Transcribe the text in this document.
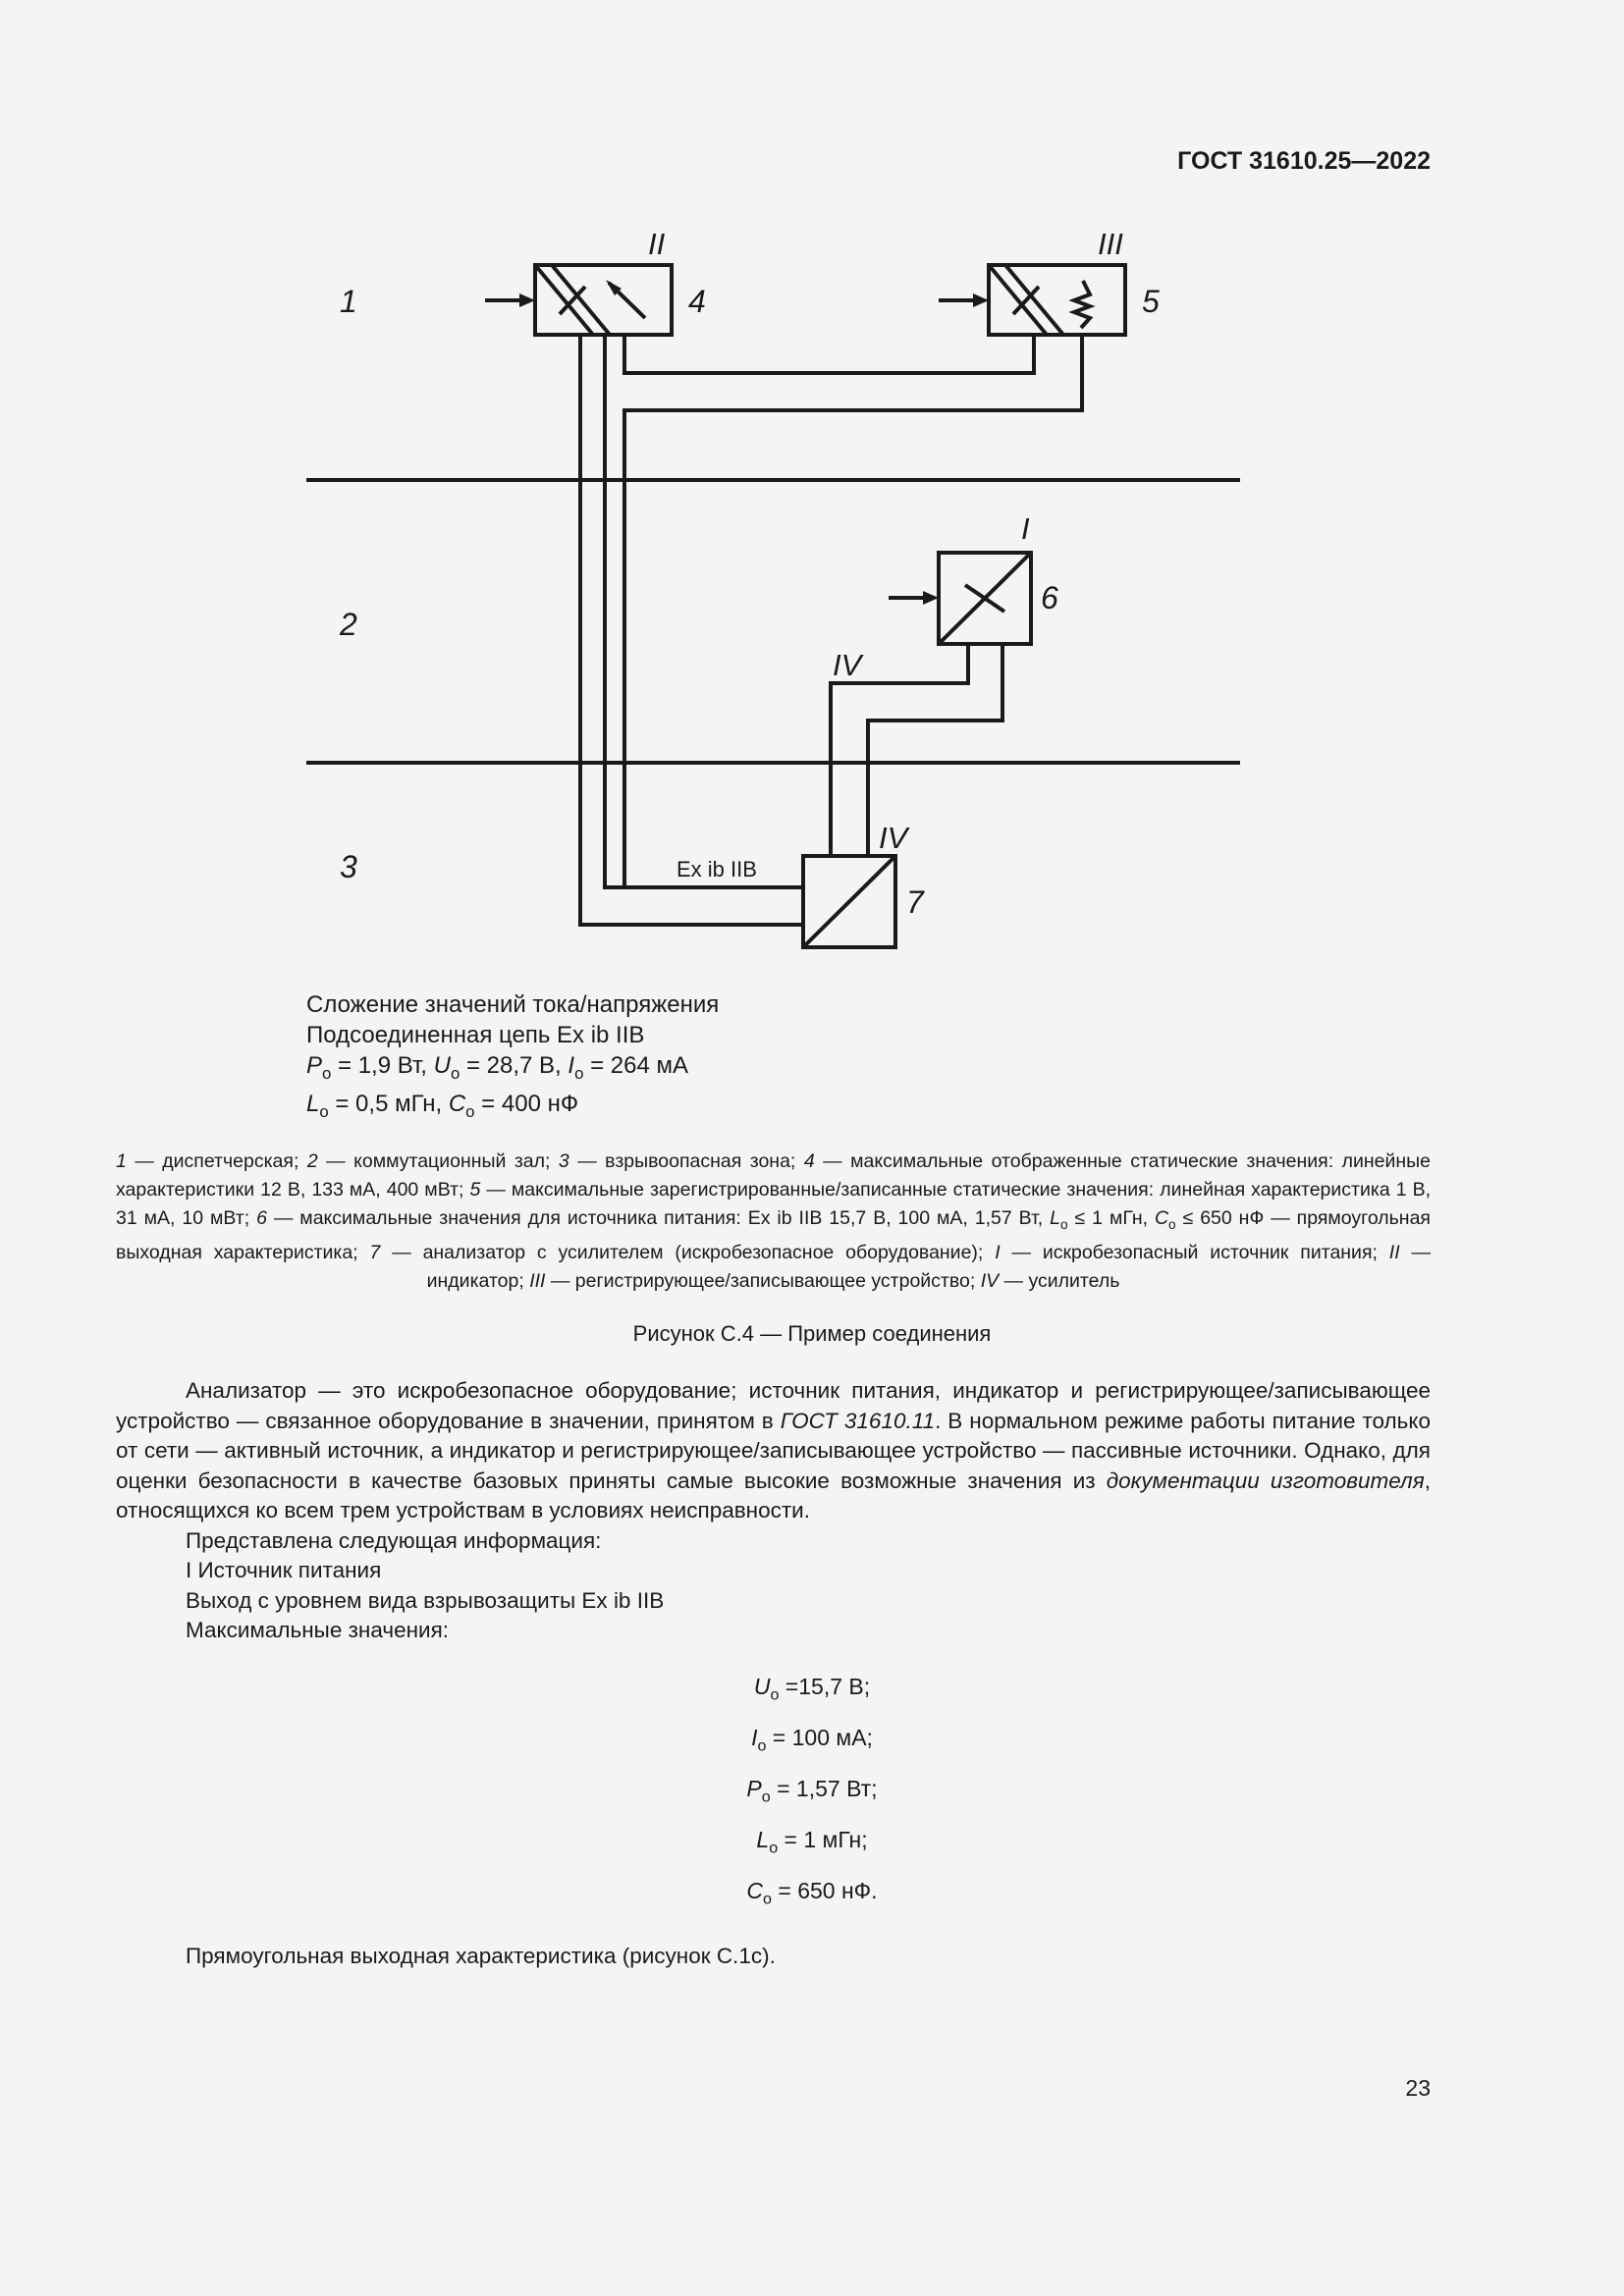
ГОСТ 31610.25—2022
1
2
3
II	III
I
IV
IV
4	5
6
7
Ex ib IIB
Сложение значений тока/напряжения
Подсоединенная цепь Ex ib IIB
$P_o = 1,9$ Вт, $U_o = 28,7$ В, $I_o = 264$ мА
$L_o = 0,5$ мГн, $C_o = 400$ нФ
1 — диспетчерская; 2 — коммутационный зал; 3 — взрывоопасная зона; 4 — максимальные отображенные статические значения: линейные характеристики 12 В, 133 мА, 400 мВт; 5 — максимальные зарегистрированные/записанные статические значения: линейная характеристика 1 В, 31 мА, 10 мВт; 6 — максимальные значения для источника питания: Ex ib IIB 15,7 В, 100 мА, 1,57 Вт, $L_o \le 1$ мГн, $C_o \le 650$ нФ — прямоугольная выходная характеристика; 7 — анализатор с усилителем (искробезопасное оборудование); I — искробезопасный источник питания; II — индикатор; III — регистрирующее/записывающее устройство; IV — усилитель
Рисунок С.4 — Пример соединения

Анализатор — это искробезопасное оборудование; источник питания, индикатор и регистрирующее/записывающее устройство — связанное оборудование в значении, принятом в ГОСТ 31610.11. В нормальном режиме работы питание только от сети — активный источник, а индикатор и регистрирующее/записывающее устройство — пассивные источники. Однако, для оценки безопасности в качестве базовых приняты самые высокие возможные значения из документации изготовителя, относящихся ко всем трем устройствам в условиях неисправности.

Представлена следующая информация:

I Источник питания

Выход с уровнем вида взрывозащиты Ex ib IIB

Максимальные значения:

$U_o =15,7$ В;
$I_o = 100$ мА;
$P_o = 1,57$ Вт;
$L_o = 1$ мГн;
$C_o = 650$ нФ.

Прямоугольная выходная характеристика (рисунок С.1с).

23
